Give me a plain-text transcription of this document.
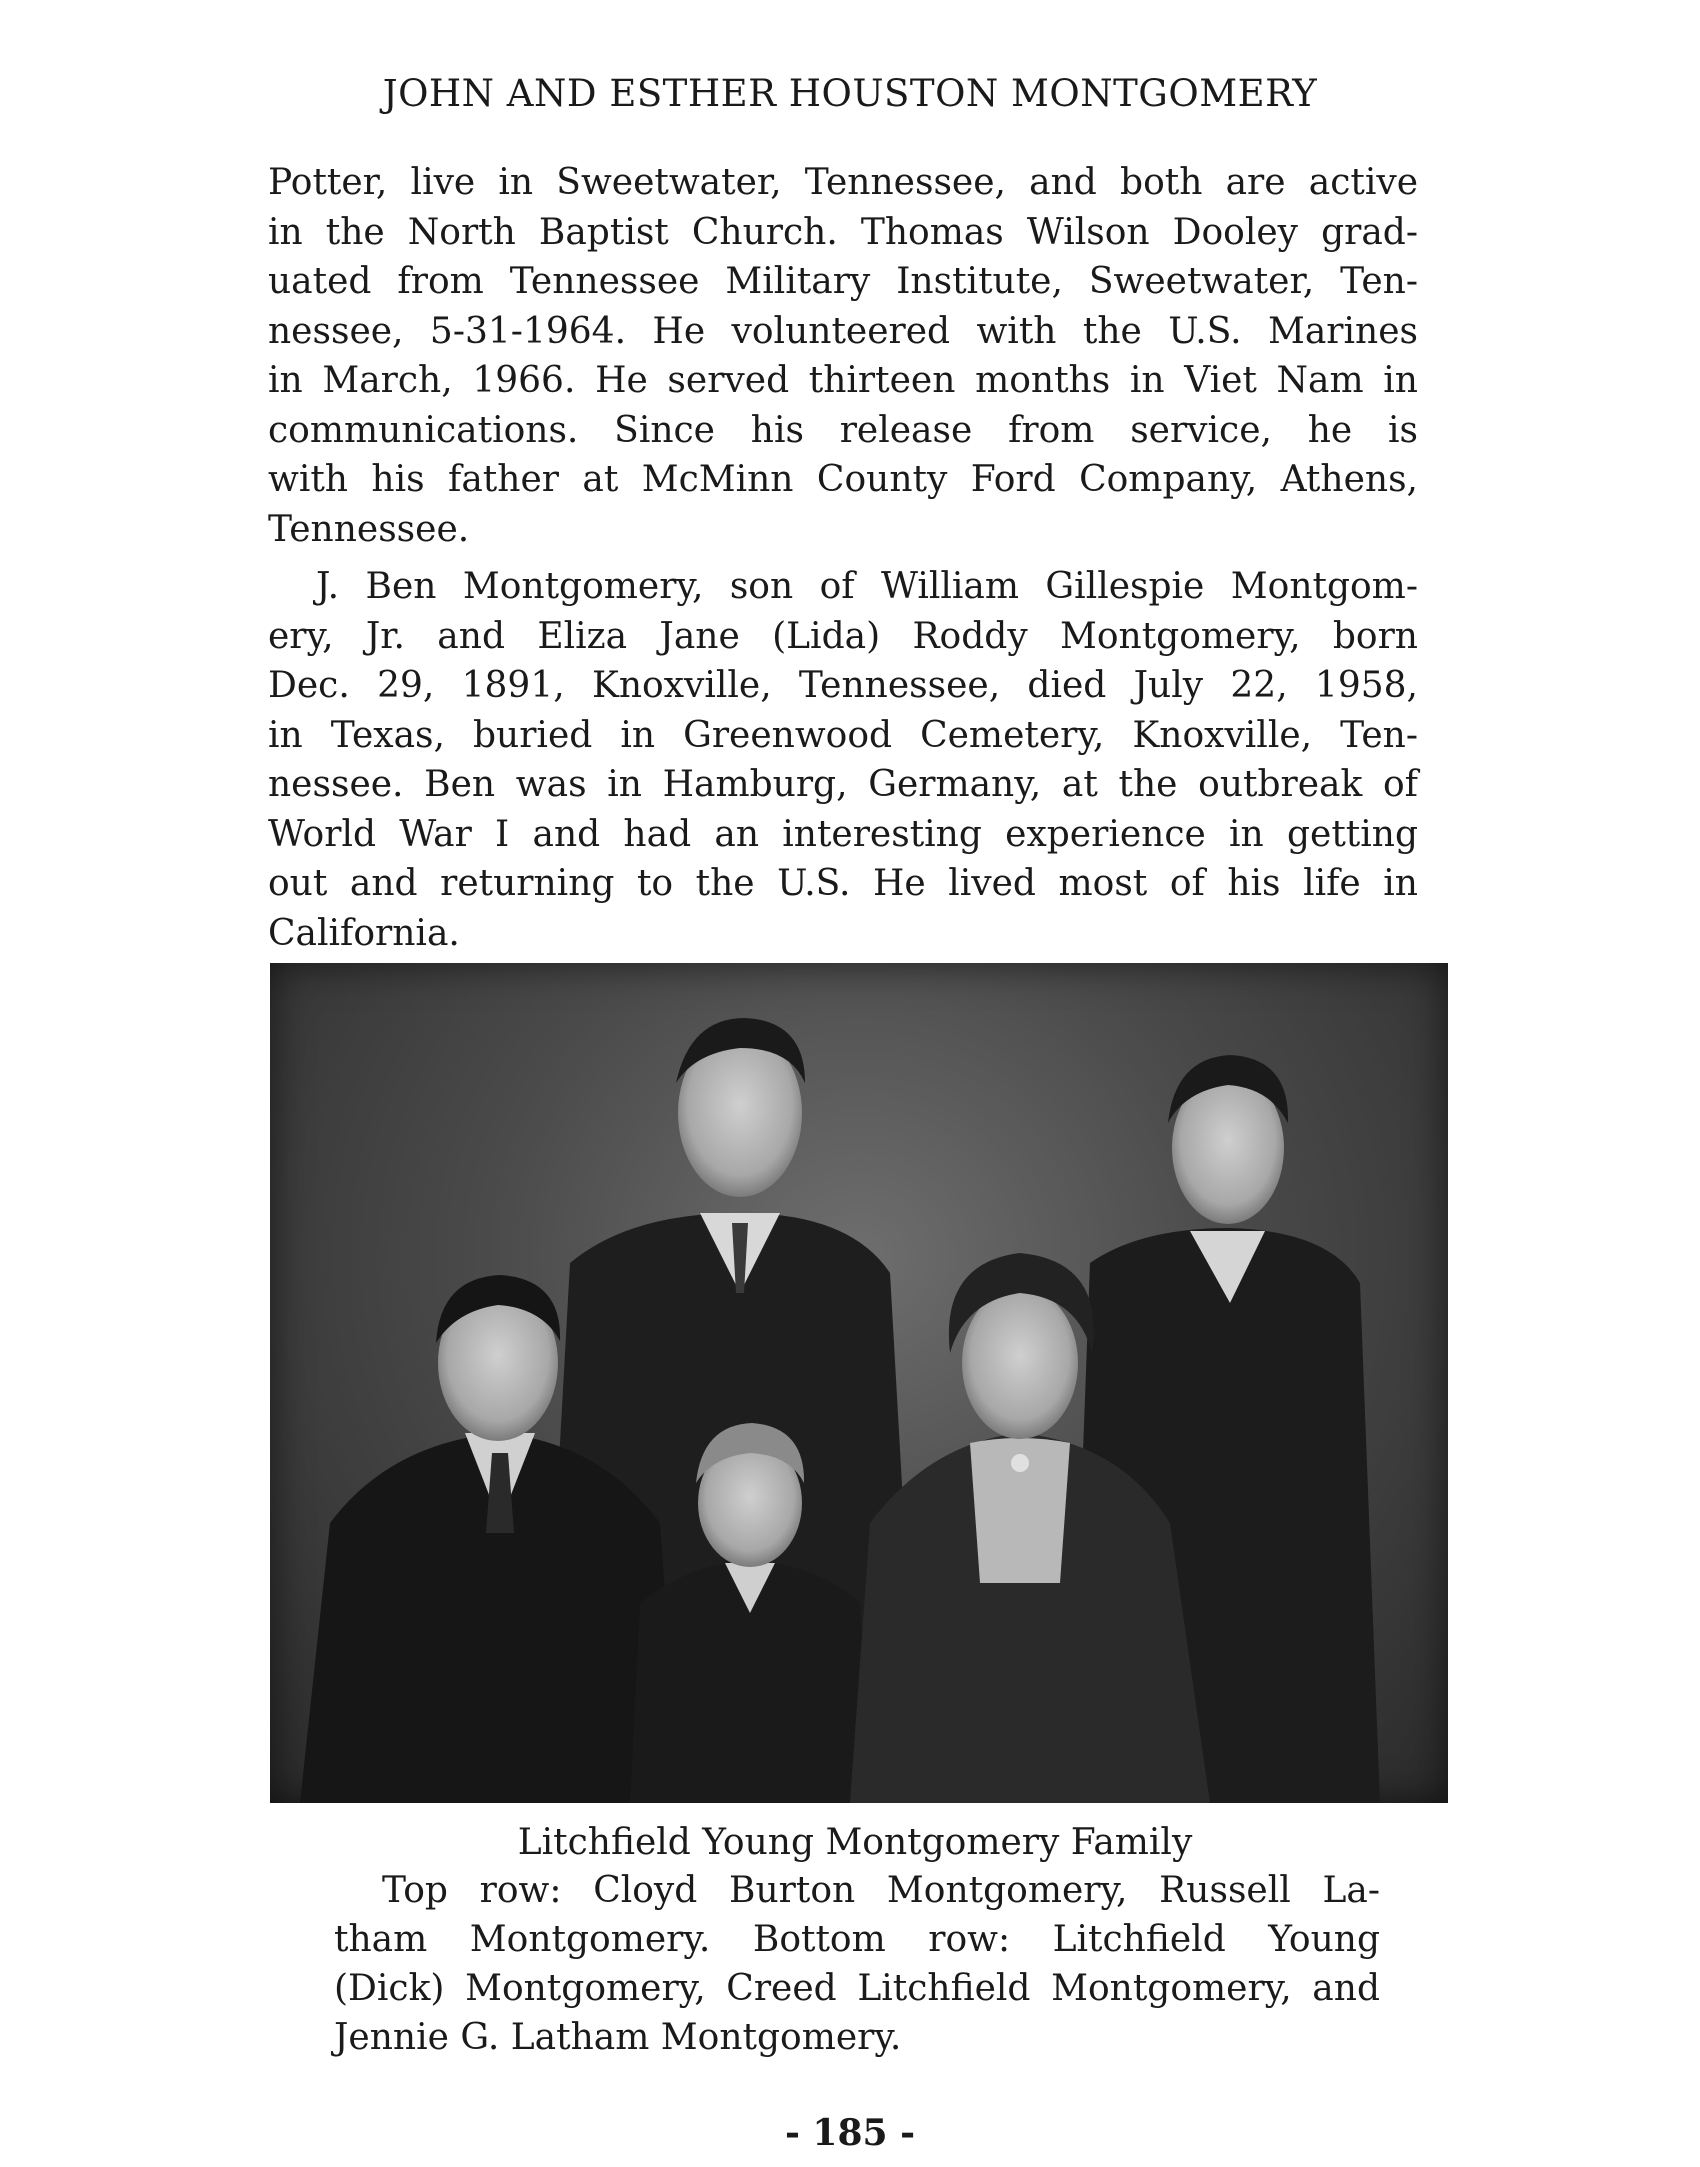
JOHN AND ESTHER HOUSTON MONTGOMERY
Potter, live in Sweetwater, Tennessee, and both are active
in the North Baptist Church. Thomas Wilson Dooley grad-
uated from Tennessee Military Institute, Sweetwater, Ten-
nessee, 5-31-1964. He volunteered with the U.S. Marines
in March, 1966. He served thirteen months in Viet Nam in
communications. Since his release from service, he is
with his father at McMinn County Ford Company, Athens,
Tennessee.
J. Ben Montgomery, son of William Gillespie Montgom-
ery, Jr. and Eliza Jane (Lida) Roddy Montgomery, born
Dec. 29, 1891, Knoxville, Tennessee, died July 22, 1958,
in Texas, buried in Greenwood Cemetery, Knoxville, Ten-
nessee. Ben was in Hamburg, Germany, at the outbreak of
World War I and had an interesting experience in getting
out and returning to the U.S. He lived most of his life in
California.
Litchfield Young Montgomery Family
Top row: Cloyd Burton Montgomery, Russell La-
tham Montgomery. Bottom row: Litchfield Young
(Dick) Montgomery, Creed Litchfield Montgomery, and
Jennie G. Latham Montgomery.
- 185 -
